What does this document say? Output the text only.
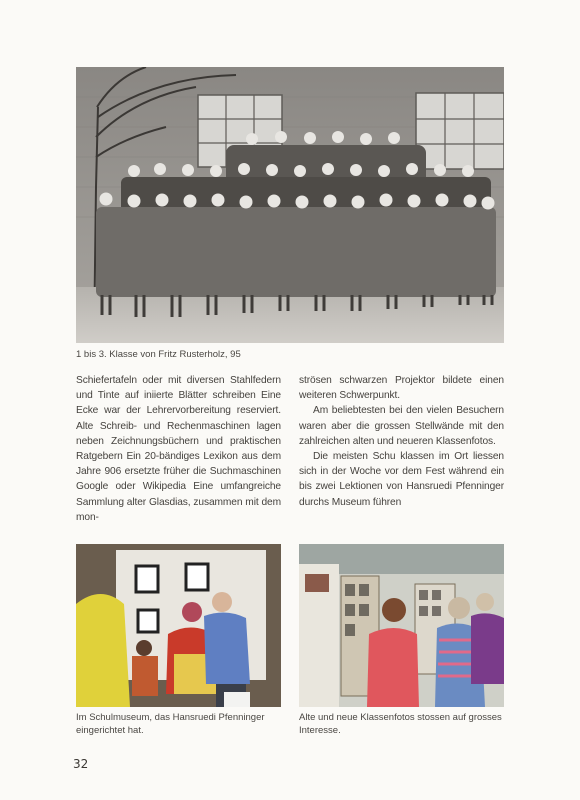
1 bis 3. Klasse von Fritz Rusterholz, 95

Schiefertafeln oder mit diversen Stahlfedern und Tinte auf iniierte Blätter schreiben Eine Ecke war der Lehrervorbereitung reserviert. Alte Schreib- und Rechenmaschinen lagen neben Zeichnungsbüchern und praktischen Ratgebern Ein 20-bändiges Lexikon aus dem Jahre 906 ersetzte früher die Suchmaschinen Google oder Wikipedia Eine umfangreiche Sammlung alter Glasdias, zusammen mit dem mon-

strösen schwarzen Projektor bildete einen weiteren Schwerpunkt.

Am beliebtesten bei den vielen Besuchern waren aber die grossen Stellwände mit den zahlreichen alten und neueren Klassenfotos.

Die meisten Schu klassen im Ort liessen sich in der Woche vor dem Fest während ein bis zwei Lektionen von Hansruedi Pfenninger durchs Museum führen

Im Schulmuseum, das Hansruedi Pfenninger eingerichtet hat.
Alte und neue Klassenfotos stossen auf grosses Interesse.
32
